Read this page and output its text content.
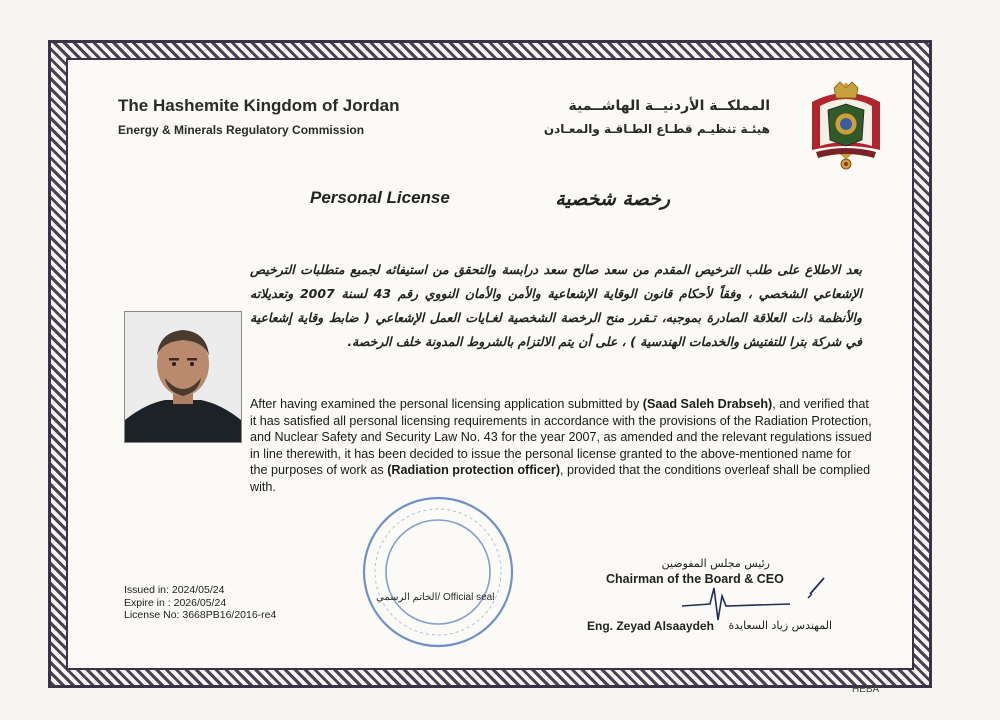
The Hashemite Kingdom of Jordan
Energy & Minerals Regulatory Commission
المملكــة الأردنيــة الهاشــمية
هيئـة تنظيـم قطـاع الطـاقـة والمعـادن
Personal License	رخصة شخصية
بعد الاطلاع على طلب الترخيص المقدم من سعد صالح سعد درابسة والتحقق من استيفائه لجميع متطلبات الترخيص الإشعاعي الشخصي ، وفقاً لأحكام قانون الوقاية الإشعاعية والأمن والأمان النووي رقم 43 لسنة 2007 وتعديلاته والأنظمة ذات العلاقة الصادرة بموجبه، تـقرر منح الرخصة الشخصية لغـايات العمل الإشعاعي ( ضابط وقاية إشعاعية في شركة بترا للتفتيش والخدمات الهندسية ) ، على أن يتم الالتزام بالشروط المدونة خلف الرخصة.
After having examined the personal licensing application submitted by (Saad Saleh Drabseh), and verified that it has satisfied all personal licensing requirements in accordance with the provisions of the Radiation Protection, and Nuclear Safety and Security Law No. 43 for the year 2007, as amended and the relevant regulations issued in line therewith, it has been decided to issue the personal license granted to the above-mentioned name for the purposes of work as (Radiation protection officer), provided that the conditions overleaf shall be complied with.
الخاتم الرسمي/ Official seal
Issued in: 2024/05/24
Expire in : 2026/05/24
License No: 3668PB16/2016-re4
رئيس مجلس المفوضين
Chairman of the Board & CEO
Eng. Zeyad Alsaaydeh	المهندس زياد السعايدة
HEBA
